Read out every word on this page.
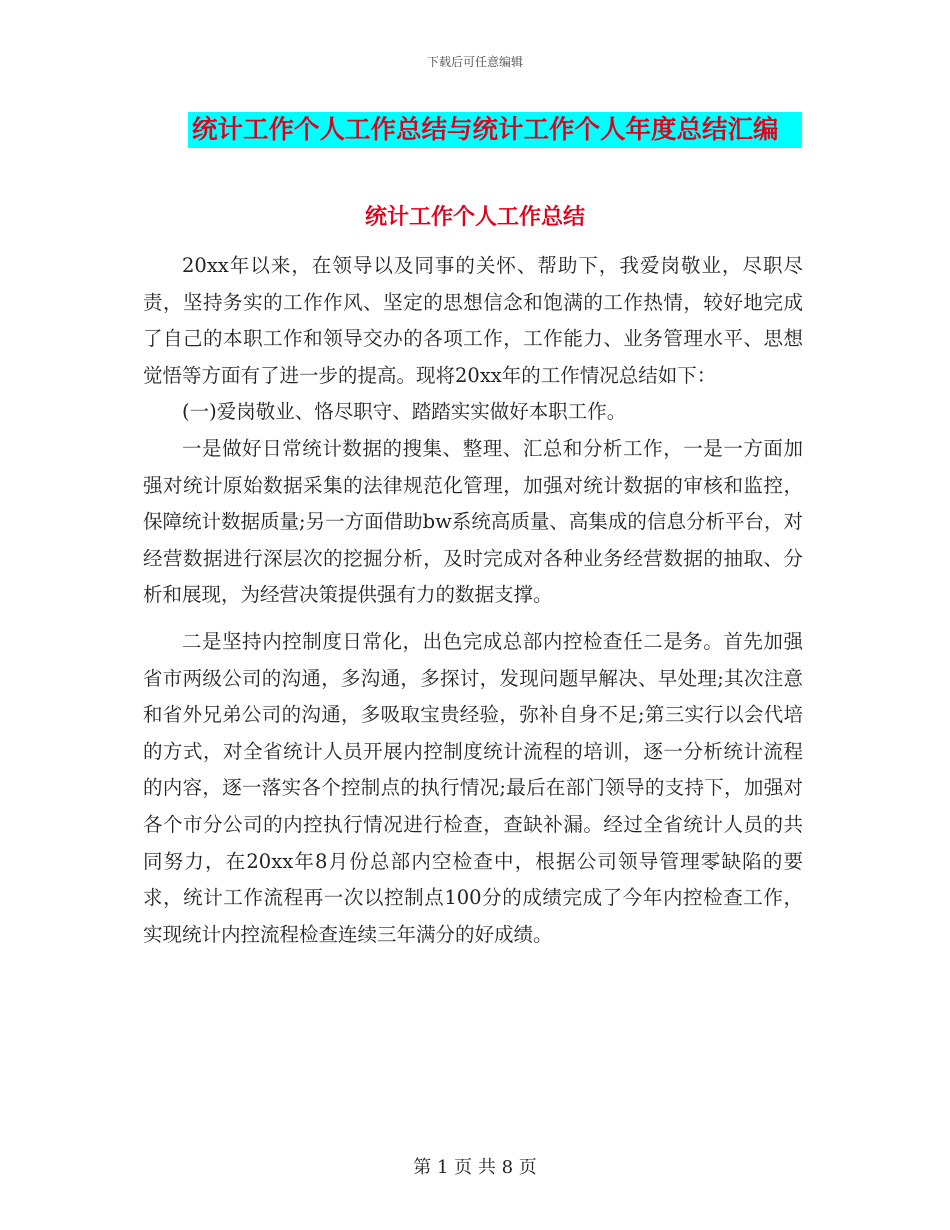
下载后可任意编辑
统计工作个人工作总结与统计工作个人年度总结汇编
统计工作个人工作总结

20xx年以来，在领导以及同事的关怀、帮助下，我爱岗敬业，尽职尽责，坚持务实的工作作风、坚定的思想信念和饱满的工作热情，较好地完成了自己的本职工作和领导交办的各项工作，工作能力、业务管理水平、思想觉悟等方面有了进一步的提高。现将20xx年的工作情况总结如下：

(一)爱岗敬业、恪尽职守、踏踏实实做好本职工作。

一是做好日常统计数据的搜集、整理、汇总和分析工作，一是一方面加强对统计原始数据采集的法律规范化管理，加强对统计数据的审核和监控，保障统计数据质量;另一方面借助bw系统高质量、高集成的信息分析平台，对经营数据进行深层次的挖掘分析，及时完成对各种业务经营数据的抽取、分析和展现，为经营决策提供强有力的数据支撑。

二是坚持内控制度日常化，出色完成总部内控检查任二是务。首先加强省市两级公司的沟通，多沟通，多探讨，发现问题早解决、早处理;其次注意和省外兄弟公司的沟通，多吸取宝贵经验，弥补自身不足;第三实行以会代培的方式，对全省统计人员开展内控制度统计流程的培训，逐一分析统计流程的内容，逐一落实各个控制点的执行情况;最后在部门领导的支持下，加强对各个市分公司的内控执行情况进行检查，查缺补漏。经过全省统计人员的共同努力，在20xx年8月份总部内空检查中，根据公司领导管理零缺陷的要求，统计工作流程再一次以控制点100分的成绩完成了今年内控检查工作，实现统计内控流程检查连续三年满分的好成绩。

第 1 页 共 8 页
